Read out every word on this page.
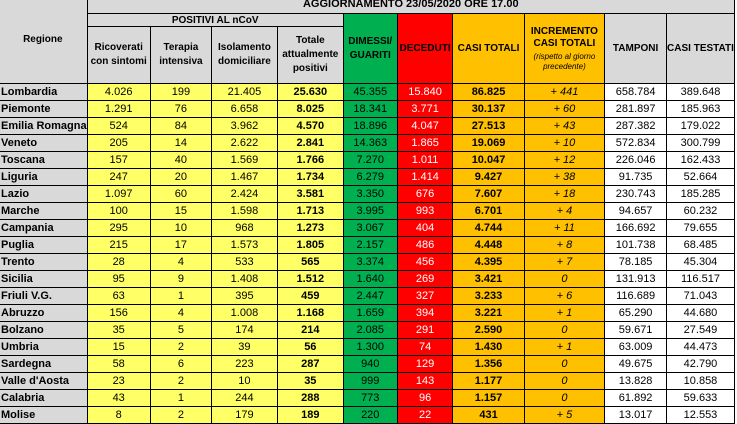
Regione	AGGIORNAMENTO 23/05/2020 ORE 17.00									
	POSITIVI AL nCoV				DIMESSI/ GUARITI	DECEDUTI	CASI TOTALI	INCREMENTO CASI TOTALI
(rispetto al giorno precedente)	TAMPONI	CASI TESTATI
	Ricoverati con sintomi	Terapia intensiva	Isolamento domiciliare	Totale attualmente positivi						
Lombardia	4.026	199	21.405	25.630	45.355	15.840	86.825	+ 441	658.784	389.648
Piemonte	1.291	76	6.658	8.025	18.341	3.771	30.137	+ 60	281.897	185.963
Emilia Romagna	524	84	3.962	4.570	18.896	4.047	27.513	+ 43	287.382	179.022
Veneto	205	14	2.622	2.841	14.363	1.865	19.069	+ 10	572.834	300.799
Toscana	157	40	1.569	1.766	7.270	1.011	10.047	+ 12	226.046	162.433
Liguria	247	20	1.467	1.734	6.279	1.414	9.427	+ 38	91.735	52.664
Lazio	1.097	60	2.424	3.581	3.350	676	7.607	+ 18	230.743	185.285
Marche	100	15	1.598	1.713	3.995	993	6.701	+ 4	94.657	60.232
Campania	295	10	968	1.273	3.067	404	4.744	+ 11	166.692	79.655
Puglia	215	17	1.573	1.805	2.157	486	4.448	+ 8	101.738	68.485
Trento	28	4	533	565	3.374	456	4.395	+ 7	78.185	45.304
Sicilia	95	9	1.408	1.512	1.640	269	3.421	0	131.913	116.517
Friuli V.G.	63	1	395	459	2.447	327	3.233	+ 6	116.689	71.043
Abruzzo	156	4	1.008	1.168	1.659	394	3.221	+ 1	65.290	44.680
Bolzano	35	5	174	214	2.085	291	2.590	0	59.671	27.549
Umbria	15	2	39	56	1.300	74	1.430	+ 1	63.009	44.473
Sardegna	58	6	223	287	940	129	1.356	0	49.675	42.790
Valle d'Aosta	23	2	10	35	999	143	1.177	0	13.828	10.858
Calabria	43	1	244	288	773	96	1.157	0	61.892	59.633
Molise	8	2	179	189	220	22	431	+ 5	13.017	12.553
